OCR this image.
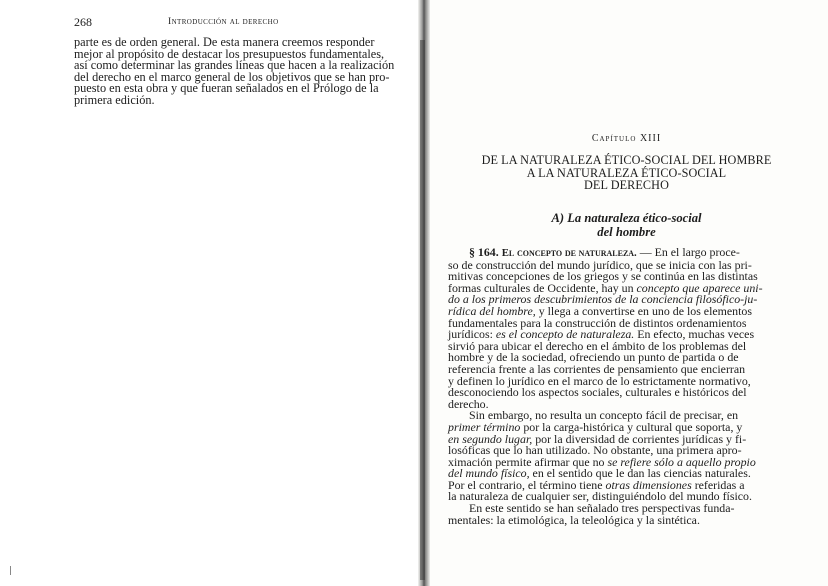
268	Introducción al derecho
parte es de orden general. De esta manera creemos responder
mejor al propósito de destacar los presupuestos fundamentales,
así como determinar las grandes líneas que hacen a la realización
del derecho en el marco general de los objetivos que se han pro-
puesto en esta obra y que fueran señalados en el Prólogo de la
primera edición.
Capítulo XIII
DE LA NATURALEZA ÉTICO-SOCIAL DEL HOMBRE
A LA NATURALEZA ÉTICO-SOCIAL
DEL DERECHO
A) La naturaleza ético-social
del hombre
§ 164. El concepto de naturaleza. — En el largo proce-
so de construcción del mundo jurídico, que se inicia con las pri-
mitivas concepciones de los griegos y se continúa en las distintas
formas culturales de Occidente, hay un concepto que aparece uni-
do a los primeros descubrimientos de la conciencia filosófico-ju-
rídica del hombre, y llega a convertirse en uno de los elementos
fundamentales para la construcción de distintos ordenamientos
jurídicos: es el concepto de naturaleza. En efecto, muchas veces
sirvió para ubicar el derecho en el ámbito de los problemas del
hombre y de la sociedad, ofreciendo un punto de partida o de
referencia frente a las corrientes de pensamiento que encierran
y definen lo jurídico en el marco de lo estrictamente normativo,
desconociendo los aspectos sociales, culturales e históricos del
derecho.
Sin embargo, no resulta un concepto fácil de precisar, en
primer término por la carga-histórica y cultural que soporta, y
en segundo lugar, por la diversidad de corrientes jurídicas y fi-
losóficas que lo han utilizado. No obstante, una primera apro-
ximación permite afirmar que no se refiere sólo a aquello propio
del mundo físico, en el sentido que le dan las ciencias naturales.
Por el contrario, el término tiene otras dimensiones referidas a
la naturaleza de cualquier ser, distinguiéndolo del mundo físico.
En este sentido se han señalado tres perspectivas funda-
mentales: la etimológica, la teleológica y la sintética.
